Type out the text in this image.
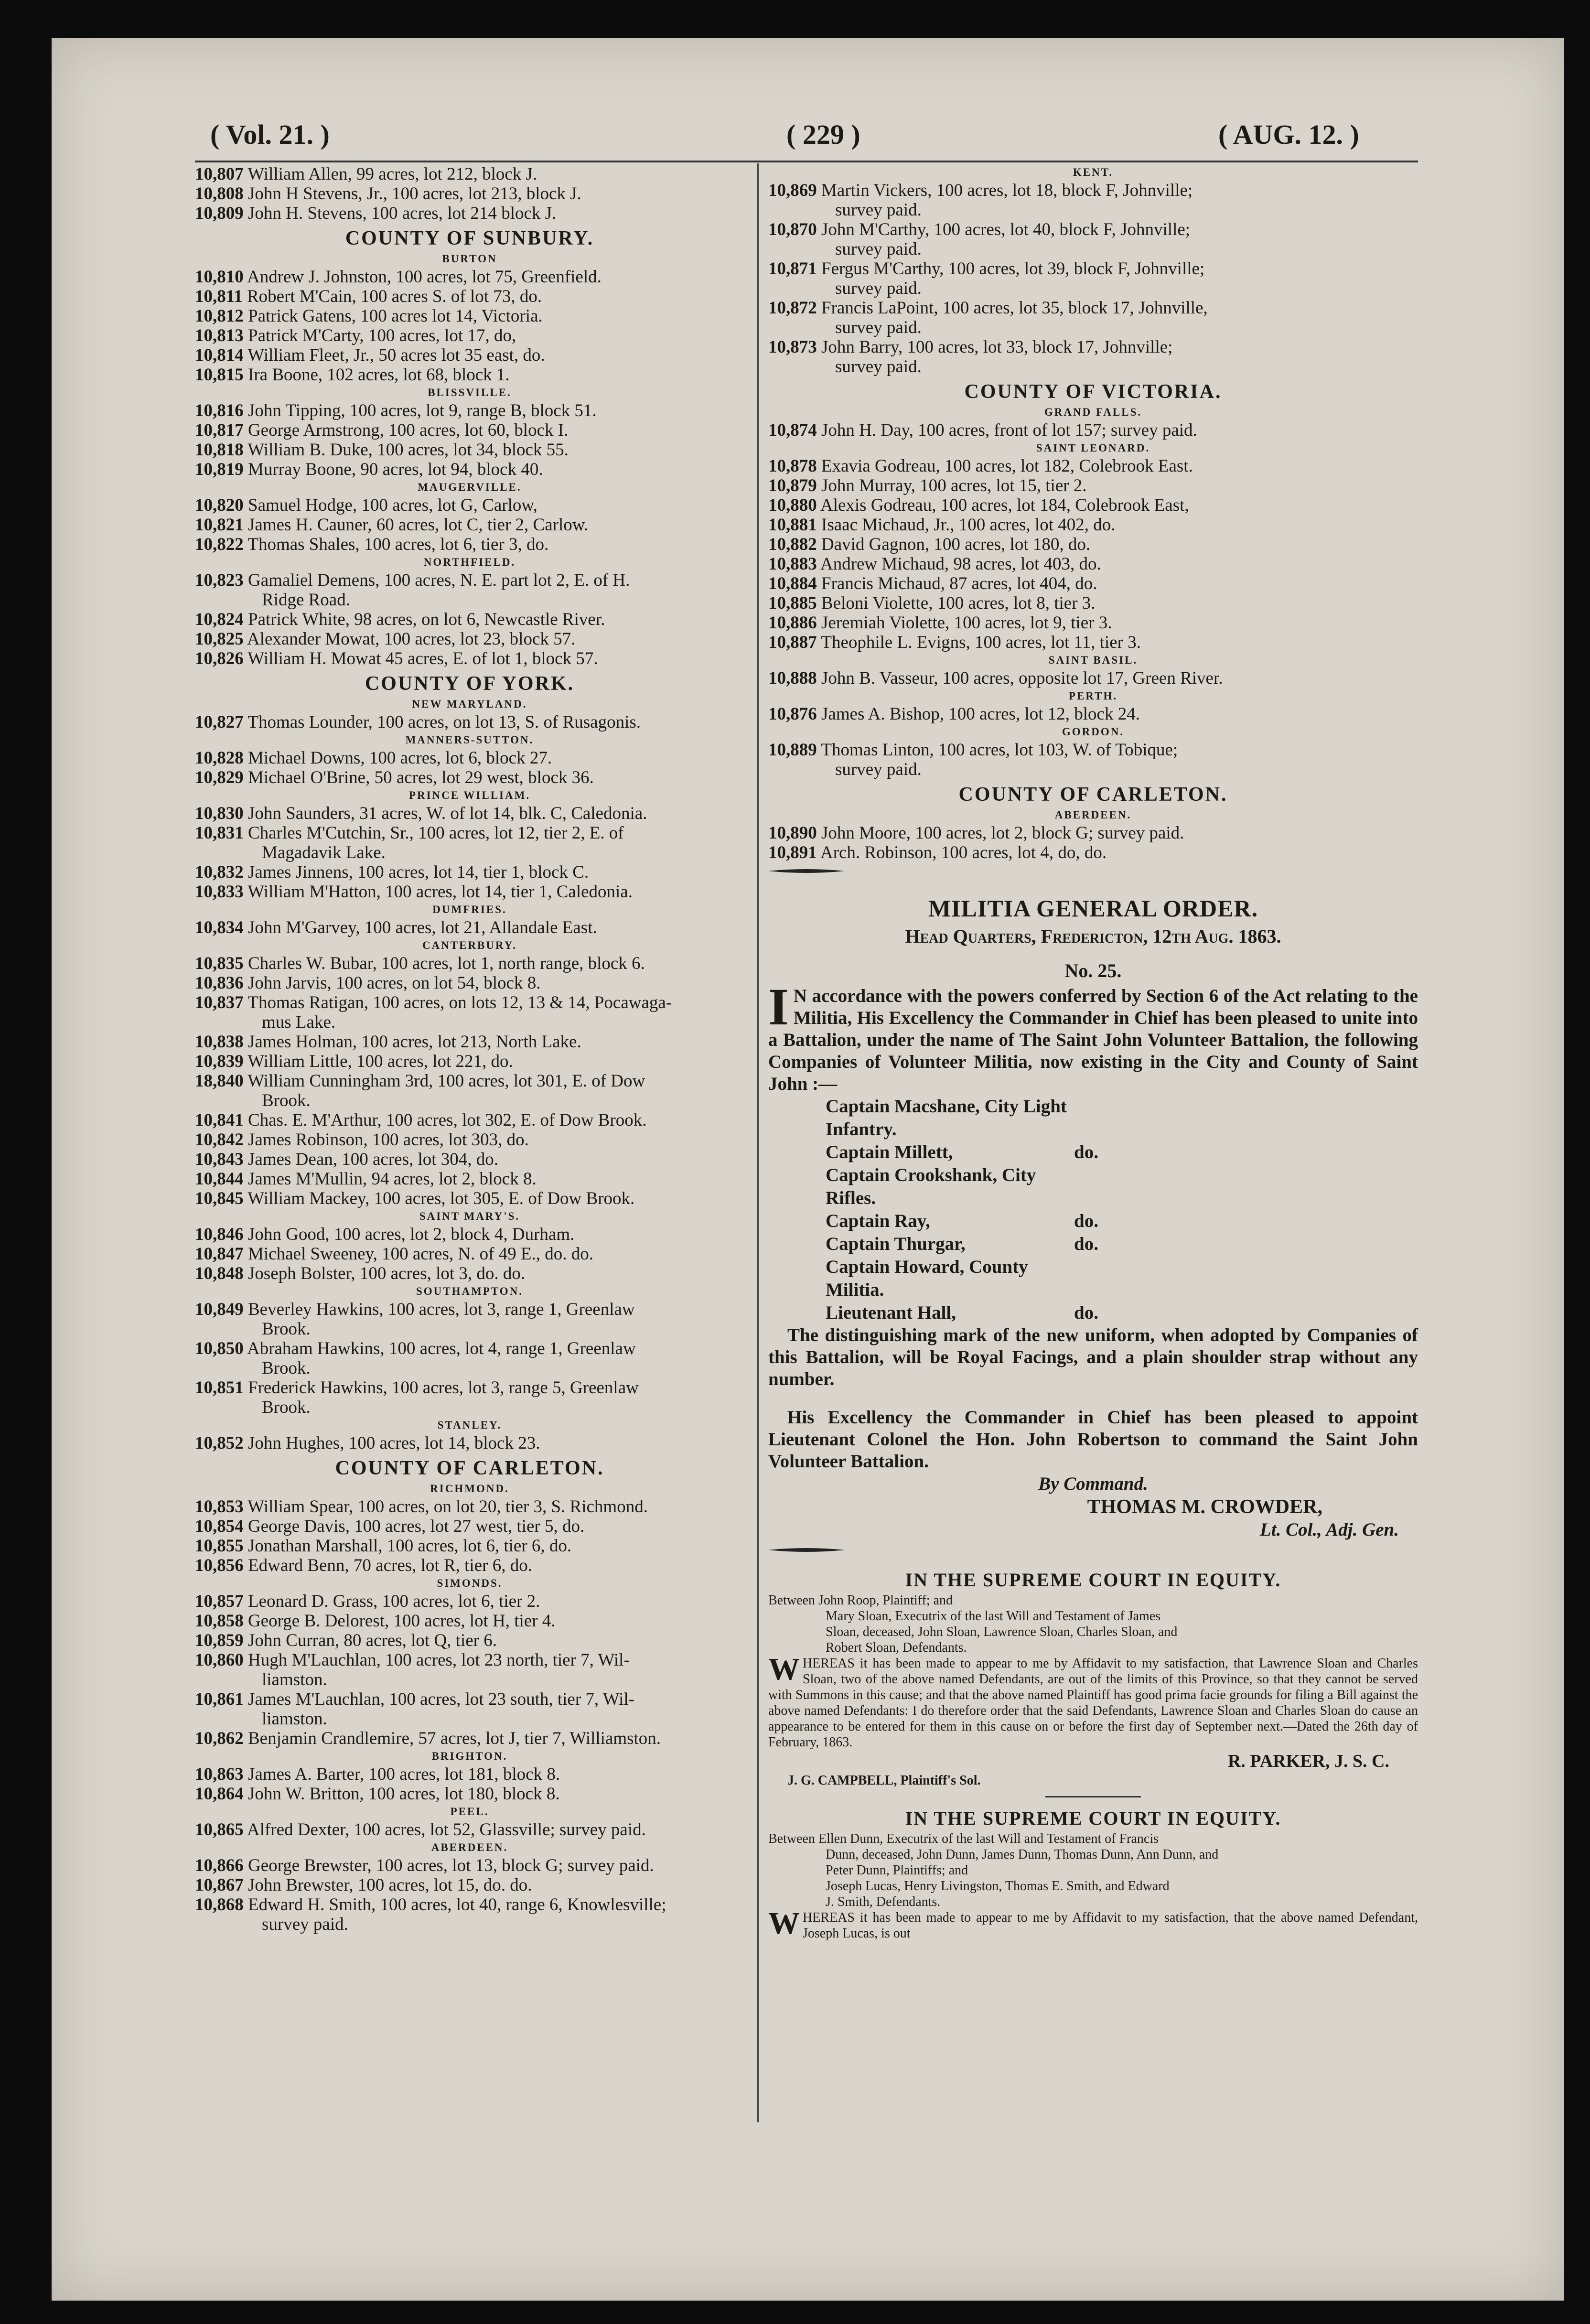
( Vol. 21. )	( 229 )	( AUG. 12. )
10,807 William Allen, 99 acres, lot 212, block J.
10,808 John H Stevens, Jr., 100 acres, lot 213, block J.
10,809 John H. Stevens, 100 acres, lot 214 block J.
COUNTY OF SUNBURY.
BURTON
10,810 Andrew J. Johnston, 100 acres, lot 75, Greenfield.
10,811 Robert M'Cain, 100 acres S. of lot 73, do.
10,812 Patrick Gatens, 100 acres lot 14, Victoria.
10,813 Patrick M'Carty, 100 acres, lot 17, do,
10,814 William Fleet, Jr., 50 acres lot 35 east, do.
10,815 Ira Boone, 102 acres, lot 68, block 1.
BLISSVILLE.
10,816 John Tipping, 100 acres, lot 9, range B, block 51.
10,817 George Armstrong, 100 acres, lot 60, block I.
10,818 William B. Duke, 100 acres, lot 34, block 55.
10,819 Murray Boone, 90 acres, lot 94, block 40.
MAUGERVILLE.
10,820 Samuel Hodge, 100 acres, lot G, Carlow,
10,821 James H. Cauner, 60 acres, lot C, tier 2, Carlow.
10,822 Thomas Shales, 100 acres, lot 6, tier 3, do.
NORTHFIELD.
10,823 Gamaliel Demens, 100 acres, N. E. part lot 2, E. of H.
Ridge Road.
10,824 Patrick White, 98 acres, on lot 6, Newcastle River.
10,825 Alexander Mowat, 100 acres, lot 23, block 57.
10,826 William H. Mowat 45 acres, E. of lot 1, block 57.
COUNTY OF YORK.
NEW MARYLAND.
10,827 Thomas Lounder, 100 acres, on lot 13, S. of Rusagonis.
MANNERS-SUTTON.
10,828 Michael Downs, 100 acres, lot 6, block 27.
10,829 Michael O'Brine, 50 acres, lot 29 west, block 36.
PRINCE WILLIAM.
10,830 John Saunders, 31 acres, W. of lot 14, blk. C, Caledonia.
10,831 Charles M'Cutchin, Sr., 100 acres, lot 12, tier 2, E. of
Magadavik Lake.
10,832 James Jinnens, 100 acres, lot 14, tier 1, block C.
10,833 William M'Hatton, 100 acres, lot 14, tier 1, Caledonia.
DUMFRIES.
10,834 John M'Garvey, 100 acres, lot 21, Allandale East.
CANTERBURY.
10,835 Charles W. Bubar, 100 acres, lot 1, north range, block 6.
10,836 John Jarvis, 100 acres, on lot 54, block 8.
10,837 Thomas Ratigan, 100 acres, on lots 12, 13 & 14, Pocawaga-
mus Lake.
10,838 James Holman, 100 acres, lot 213, North Lake.
10,839 William Little, 100 acres, lot 221, do.
18,840 William Cunningham 3rd, 100 acres, lot 301, E. of Dow
Brook.
10,841 Chas. E. M'Arthur, 100 acres, lot 302, E. of Dow Brook.
10,842 James Robinson, 100 acres, lot 303, do.
10,843 James Dean, 100 acres, lot 304, do.
10,844 James M'Mullin, 94 acres, lot 2, block 8.
10,845 William Mackey, 100 acres, lot 305, E. of Dow Brook.
SAINT MARY'S.
10,846 John Good, 100 acres, lot 2, block 4, Durham.
10,847 Michael Sweeney, 100 acres, N. of 49 E., do. do.
10,848 Joseph Bolster, 100 acres, lot 3, do. do.
SOUTHAMPTON.
10,849 Beverley Hawkins, 100 acres, lot 3, range 1, Greenlaw
Brook.
10,850 Abraham Hawkins, 100 acres, lot 4, range 1, Greenlaw
Brook.
10,851 Frederick Hawkins, 100 acres, lot 3, range 5, Greenlaw
Brook.
STANLEY.
10,852 John Hughes, 100 acres, lot 14, block 23.
COUNTY OF CARLETON.
RICHMOND.
10,853 William Spear, 100 acres, on lot 20, tier 3, S. Richmond.
10,854 George Davis, 100 acres, lot 27 west, tier 5, do.
10,855 Jonathan Marshall, 100 acres, lot 6, tier 6, do.
10,856 Edward Benn, 70 acres, lot R, tier 6, do.
SIMONDS.
10,857 Leonard D. Grass, 100 acres, lot 6, tier 2.
10,858 George B. Delorest, 100 acres, lot H, tier 4.
10,859 John Curran, 80 acres, lot Q, tier 6.
10,860 Hugh M'Lauchlan, 100 acres, lot 23 north, tier 7, Wil-
liamston.
10,861 James M'Lauchlan, 100 acres, lot 23 south, tier 7, Wil-
liamston.
10,862 Benjamin Crandlemire, 57 acres, lot J, tier 7, Williamston.
BRIGHTON.
10,863 James A. Barter, 100 acres, lot 181, block 8.
10,864 John W. Britton, 100 acres, lot 180, block 8.
PEEL.
10,865 Alfred Dexter, 100 acres, lot 52, Glassville; survey paid.
ABERDEEN.
10,866 George Brewster, 100 acres, lot 13, block G; survey paid.
10,867 John Brewster, 100 acres, lot 15, do. do.
10,868 Edward H. Smith, 100 acres, lot 40, range 6, Knowlesville;
survey paid.
KENT.
10,869 Martin Vickers, 100 acres, lot 18, block F, Johnville;
survey paid.
10,870 John M'Carthy, 100 acres, lot 40, block F, Johnville;
survey paid.
10,871 Fergus M'Carthy, 100 acres, lot 39, block F, Johnville;
survey paid.
10,872 Francis LaPoint, 100 acres, lot 35, block 17, Johnville,
survey paid.
10,873 John Barry, 100 acres, lot 33, block 17, Johnville;
survey paid.
COUNTY OF VICTORIA.
GRAND FALLS.
10,874 John H. Day, 100 acres, front of lot 157; survey paid.
SAINT LEONARD.
10,878 Exavia Godreau, 100 acres, lot 182, Colebrook East.
10,879 John Murray, 100 acres, lot 15, tier 2.
10,880 Alexis Godreau, 100 acres, lot 184, Colebrook East,
10,881 Isaac Michaud, Jr., 100 acres, lot 402, do.
10,882 David Gagnon, 100 acres, lot 180, do.
10,883 Andrew Michaud, 98 acres, lot 403, do.
10,884 Francis Michaud, 87 acres, lot 404, do.
10,885 Beloni Violette, 100 acres, lot 8, tier 3.
10,886 Jeremiah Violette, 100 acres, lot 9, tier 3.
10,887 Theophile L. Evigns, 100 acres, lot 11, tier 3.
SAINT BASIL.
10,888 John B. Vasseur, 100 acres, opposite lot 17, Green River.
PERTH.
10,876 James A. Bishop, 100 acres, lot 12, block 24.
GORDON.
10,889 Thomas Linton, 100 acres, lot 103, W. of Tobique;
survey paid.
COUNTY OF CARLETON.
ABERDEEN.
10,890 John Moore, 100 acres, lot 2, block G; survey paid.
10,891 Arch. Robinson, 100 acres, lot 4, do, do.
MILITIA GENERAL ORDER.
Head Quarters, Fredericton, 12th Aug. 1863.
No. 25.
I N accordance with the powers conferred by Section 6 of the Act relating to the Militia, His Excellency the Commander in Chief has been pleased to unite into a Battalion, under the name of The Saint John Volunteer Battalion, the following Companies of Volunteer Militia, now existing in the City and County of Saint John :—
Captain Macshane, City Light Infantry.
Captain Millett,	do.
Captain Crookshank, City Rifles.
Captain Ray,	do.
Captain Thurgar,	do.
Captain Howard, County Militia.
Lieutenant Hall,	do.
The distinguishing mark of the new uniform, when adopted by Companies of this Battalion, will be Royal Facings, and a plain shoulder strap without any number.
His Excellency the Commander in Chief has been pleased to appoint Lieutenant Colonel the Hon. John Robertson to command the Saint John Volunteer Battalion.
By Command.
THOMAS M. CROWDER,
Lt. Col., Adj. Gen.
IN THE SUPREME COURT IN EQUITY.
Between John Roop, Plaintiff; and
Mary Sloan, Executrix of the last Will and Testament of James
Sloan, deceased, John Sloan, Lawrence Sloan, Charles Sloan, and
Robert Sloan, Defendants.
WHEREAS it has been made to appear to me by Affidavit to my satisfaction, that Lawrence Sloan and Charles Sloan, two of the above named Defendants, are out of the limits of this Province, so that they cannot be served with Summons in this cause; and that the above named Plaintiff has good prima facie grounds for filing a Bill against the above named Defendants: I do therefore order that the said Defendants, Lawrence Sloan and Charles Sloan do cause an appearance to be entered for them in this cause on or before the first day of September next.—Dated the 26th day of February, 1863.
R. PARKER, J. S. C.
J. G. CAMPBELL, Plaintiff's Sol.
IN THE SUPREME COURT IN EQUITY.
Between Ellen Dunn, Executrix of the last Will and Testament of Francis
Dunn, deceased, John Dunn, James Dunn, Thomas Dunn, Ann Dunn, and
Peter Dunn, Plaintiffs; and
Joseph Lucas, Henry Livingston, Thomas E. Smith, and Edward
J. Smith, Defendants.
WHEREAS it has been made to appear to me by Affidavit to my satisfaction, that the above named Defendant, Joseph Lucas, is out
